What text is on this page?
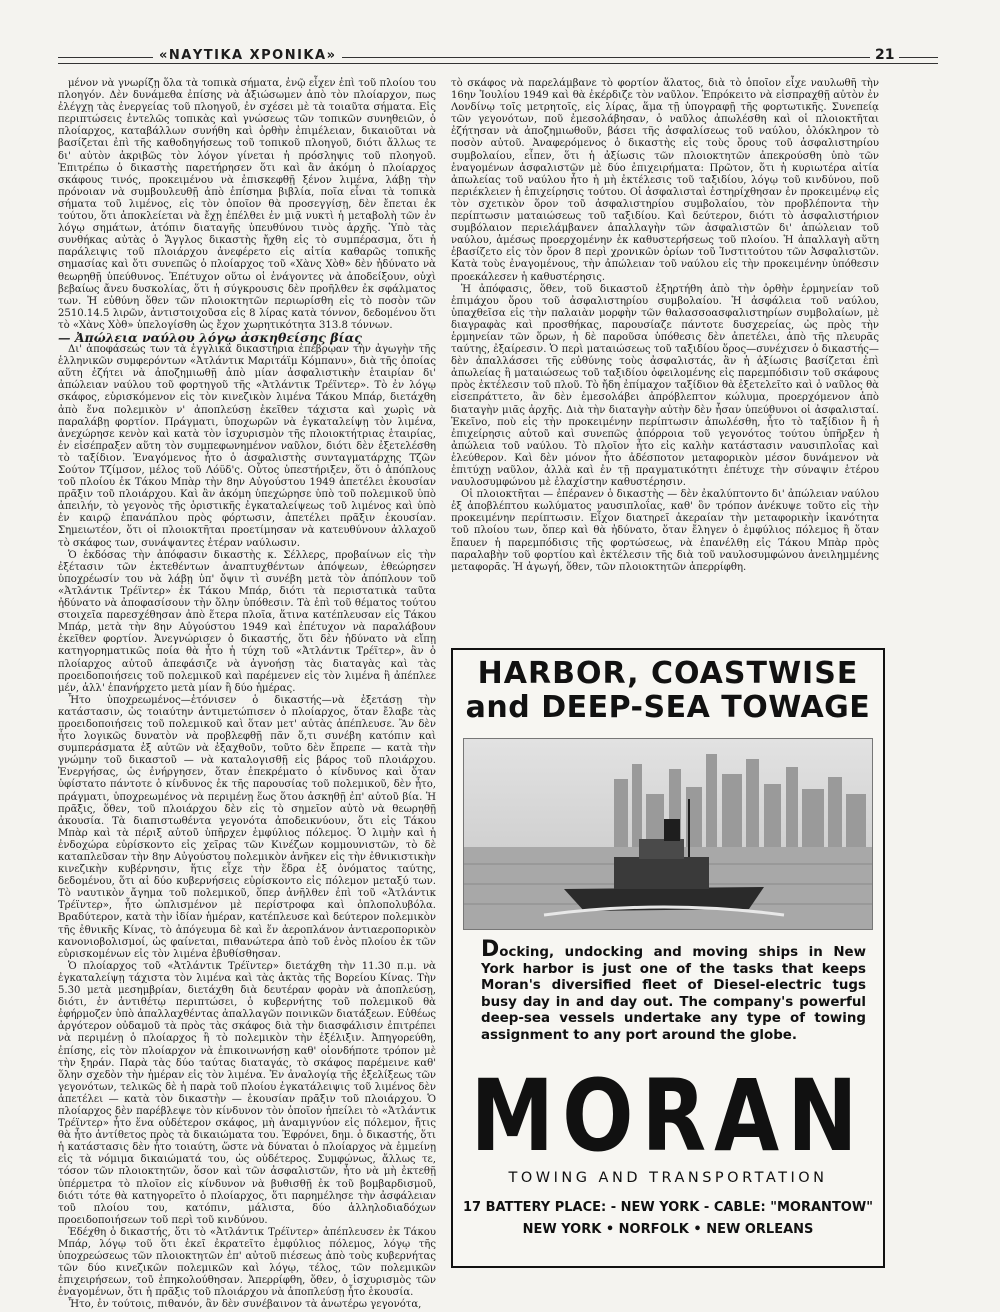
«ΝΑΥΤΙΚΑ ΧΡΟΝΙΚΑ»	21

μένον νὰ γνωρίζῃ ὅλα τὰ τοπικὰ σήματα, ἐνῷ εἶχεν ἐπὶ τοῦ πλοίου του πλοηγόν. Δὲν δυνάμεθα ἐπίσης νὰ ἀξιώσωμεν ἀπὸ τὸν πλοίαρχον, πως ἐλέγχῃ τὰς ἐνεργείας τοῦ πλοηγοῦ, ἐν σχέσει μὲ τὰ τοιαῦτα σήματα. Εἰς περιπτώσεις ἐντελῶς τοπικὰς καὶ γνώσεως τῶν τοπικῶν συνηθειῶν, ὁ πλοίαρχος, καταβάλλων συνήθη καὶ ὀρθὴν ἐπιμέλειαν, δικαιοῦται νὰ βασίζεται ἐπὶ τῆς καθοδηγήσεως τοῦ τοπικοῦ πλοηγοῦ, διότι ἄλλως τε δι' αὐτὸν ἀκριβῶς τὸν λόγον γίνεται ἡ πρόσληψις τοῦ πλοηγοῦ. Ἐπιτρέπω ὁ δικαστὴς παρετήρησεν ὅτι καὶ ἂν ἀκόμη ὁ πλοίαρχος σκάφους τινός, προκειμένου νὰ ἐπισκεφθῇ ξένον λιμένα, λάβῃ τὴν πρόνοιαν νὰ συμβουλευθῇ ἀπὸ ἐπίσημα βιβλία, ποῖα εἶναι τὰ τοπικὰ σήματα τοῦ λιμένος, εἰς τὸν ὁποῖον θὰ προσεγγίσῃ, δὲν ἔπεται ἐκ τούτου, ὅτι ἀποκλείεται νὰ ἔχῃ ἐπέλθει ἐν μιᾷ νυκτὶ ἡ μεταβολὴ τῶν ἐν λόγῳ σημάτων, ἀτόπιν διαταγῆς ὑπευθύνου τινὸς ἀρχῆς. Ὑπὸ τὰς συνθήκας αὐτὰς ὁ Ἄγγλος δικαστὴς ἤχθη εἰς τὸ συμπέρασμα, ὅτι ἡ παράλειψις τοῦ πλοιάρχου ἀνεφέρετο εἰς αἰτία καθαρῶς τοπικῆς σημασίας καὶ ὅτι συνεπῶς ὁ πλοίαρχος τοῦ «Χὰνς Χὸθ» δὲν ἠδύνατο νὰ θεωρηθῇ ὑπεύθυνος. Ἐπέτυχον οὕτω οἱ ἐνάγοντες νὰ ἀποδείξουν, οὐχὶ βεβαίως ἄνευ δυσκολίας, ὅτι ἡ σύγκρουσις δὲν προῆλθεν ἐκ σφάλματος των. Ἡ εὐθύνη ὅθεν τῶν πλοιοκτητῶν περιωρίσθη εἰς τὸ ποσὸν τῶν 2510.14.5 λιρῶν, ἀντιστοιχοῦσα εἰς 8 λίρας κατὰ τόννον, δεδομένου ὅτι τὸ «Χὰνς Χὸθ» ὑπελογίσθη ὡς ἔχον χωρητικότητα 313.8 τόννων.

— Ἀπώλεια ναύλου λόγῳ ἀσκηθείσης βίας

Δι' ἀποφάσεώς των τὰ ἐγγλικὰ δικαστήρια ἐπέβρῳαν τὴν ἀγωγὴν τῆς ἑλληνικῶν συμφερόντων «Ἀτλάντικ Μαριτάϊμ Κόμπανυ», διὰ τῆς ὁποίας αὕτη ἐζήτει νὰ ἀποζημιωθῇ ἀπὸ μίαν ἀσφαλιστικὴν ἑταιρίαν δι' ἀπώλειαν ναύλου τοῦ φορτηγοῦ τῆς «Ἀτλάντικ Τρέϊντερ». Τὸ ἐν λόγῳ σκάφος, εὑρισκόμενον εἰς τὸν κινεζικὸν λιμένα Τάκου Μπάρ, διετάχθη ἀπὸ ἕνα πολεμικὸν ν' ἀποπλεύσῃ ἐκεῖθεν τάχιστα καὶ χωρὶς νὰ παραλάβῃ φορτίον. Πράγματι, ὑποχωρῶν νὰ ἐγκαταλείψῃ τὸν λιμένα, ἀνεχώρησε κενὸν καὶ κατὰ τὸν ἰσχυρισμὸν τῆς πλοιοκτήτριας ἑταιρίας, ἐν εἰσέπραξεν αὕτη τὸν συμπεφωνημένον ναῦλον, διότι δὲν ἐξετελέσθη τὸ ταξίδιον. Ἐναγόμενος ἦτο ὁ ἀσφαλιστὴς συνταγματάρχης Τζῶν Σούτον Τζίμσον, μέλος τοῦ Λόϋδ'ς. Οὗτος ὑπεστήριξεν, ὅτι ὁ ἀπόπλους τοῦ πλοίου ἐκ Τάκου Μπὰρ τὴν 8ην Αὐγούστου 1949 ἀπετέλει ἑκουσίαν πρᾶξιν τοῦ πλοιάρχου. Καὶ ἂν ἀκόμη ὑπεχώρησε ὑπὸ τοῦ πολεμικοῦ ὑπὸ ἀπειλήν, τὸ γεγονὸς τῆς ὁριστικῆς ἐγκαταλείψεως τοῦ λιμένος καὶ ὑπὸ ἐν καιρῷ ἐπανάπλου πρὸς φόρτωσιν, ἀπετέλει πρᾶξιν ἑκουσίαν. Σημειωτέον, ὅτι οἱ πλοιοκτῆται προετίμησαν νὰ κατευθύνουν ἀλλαχοῦ τὸ σκάφος των, συνάψαντες ἑτέραν ναύλωσιν.

Ὁ ἐκδόσας τὴν ἀπόφασιν δικαστὴς κ. Σέλλερς, προβαίνων εἰς τὴν ἐξέτασιν τῶν ἐκτεθέντων ἀναπτυχθέντων ἀπόψεων, ἐθεώρησεν ὑποχρέωσίν του νὰ λάβῃ ὑπ' ὄψιν τὶ συνέβη μετὰ τὸν ἀπόπλουν τοῦ «Ἀτλάντικ Τρέϊντερ» ἐκ Τάκου Μπάρ, διότι τὰ περιστατικὰ ταῦτα ἠδύνατο νὰ ἀποφασίσουν τὴν ὅλην ὑπόθεσιν. Τὰ ἐπὶ τοῦ θέματος τούτου στοιχεῖα παρεσχέθησαν ἀπὸ ἕτερα πλοῖα, ἅτινα κατέπλευσαν εἰς Τάκου Μπάρ, μετὰ τὴν 8ην Αὐγούστου 1949 καὶ ἐπέτυχον νὰ παραλάβουν ἐκεῖθεν φορτίον. Ἀνεγνώρισεν ὁ δικαστής, ὅτι δὲν ἠδύνατο νὰ εἴπῃ κατηγορηματικῶς ποία θὰ ἦτο ἡ τύχη τοῦ «Ἀτλάντικ Τρέϊτερ», ἂν ὁ πλοίαρχος αὐτοῦ ἀπεφάσιζε νὰ ἀγνοήσῃ τὰς διαταγὰς καὶ τὰς προειδοποιήσεις τοῦ πολεμικοῦ καὶ παρέμενεν εἰς τὸν λιμένα ἢ ἀπέπλεε μέν, ἀλλ' ἐπανήρχετο μετὰ μίαν ἢ δύο ἡμέρας.

Ἦτο ὑποχρεωμένος—ἐτόνισεν ὁ δικαστής—νὰ ἐξετάσῃ τὴν κατάστασιν, ὡς τοιαύτην ἀντιμετώπισεν ὁ πλοίαρχος, ὅταν ἔλαβε τὰς προειδοποιήσεις τοῦ πολεμικοῦ καὶ ὅταν μετ' αὐτὰς ἀπέπλευσε. Ἂν δὲν ἦτο λογικῶς δυνατὸν νὰ προβλεφθῇ πᾶν ὅ,τι συνέβη κατόπιν καὶ συμπεράσματα ἐξ αὐτῶν νὰ ἐξαχθοῦν, τοῦτο δὲν ἔπρεπε — κατὰ τὴν γνώμην τοῦ δικαστοῦ — νὰ καταλογισθῇ εἰς βάρος τοῦ πλοιάρχου. Ἐνεργήσας, ὡς ἐνήργησεν, ὅταν ἐπεκρέματο ὁ κίνδυνος καὶ ὅταν ὑφίστατο πάντοτε ὁ κίνδυνος ἐκ τῆς παρουσίας τοῦ πολεμικοῦ, δὲν ἦτο, πράγματι, ὑποχρεωμένος νὰ περιμένῃ ἕως ὅτου ἀσκηθῇ ἐπ' αὐτοῦ βία. Ἡ πρᾶξις, ὅθεν, τοῦ πλοιάρχου δὲν εἰς τὸ σημεῖον αὐτὸ νὰ θεωρηθῇ ἀκουσία. Τὰ διαπιστωθέντα γεγονότα ἀποδεικνύουν, ὅτι εἰς Τάκου Μπὰρ καὶ τὰ πέριξ αὐτοῦ ὑπῆρχεν ἐμφύλιος πόλεμος. Ὁ λιμὴν καὶ ἡ ἐνδοχώρα εὑρίσκοντο εἰς χεῖρας τῶν Κινέζων κομμουνιστῶν, τὸ δὲ καταπλεῦσαν τὴν 8ην Αὐγούστου πολεμικὸν ἀνῆκεν εἰς τὴν ἐθνικιστικὴν κινεζικὴν κυβέρνησιν, ἥτις εἶχε τὴν ἕδρα ἐξ ὀνόματος ταύτης, δεδομένου, ὅτι αἱ δύο κυβερνήσεις εὑρίσκοντο εἰς πόλεμον μεταξύ των. Τὸ ναυτικὸν ἄγημα τοῦ πολεμικοῦ, ὅπερ ἀνῆλθεν ἐπὶ τοῦ «Ἀτλάντικ Τρέϊντερ», ἦτο ὡπλισμένον μὲ περίστροφα καὶ ὁπλοπολυβόλα. Βραδύτερον, κατὰ τὴν ἰδίαν ἡμέραν, κατέπλευσε καὶ δεύτερον πολεμικὸν τῆς ἐθνικῆς Κίνας, τὸ ἀπόγευμα δὲ καὶ ἕν ἀεροπλάνον ἀντιαεροπορικὸν κανονιοβολισμοί, ὡς φαίνεται, πιθανώτερα ἀπὸ τοῦ ἑνὸς πλοίου ἐκ τῶν εὑρισκομένων εἰς τὸν λιμένα ἐβυθίσθησαν.

Ὁ πλοίαρχος τοῦ «Ἀτλάντικ Τρέϊντερ» διετάχθη τὴν 11.30 π.μ. νὰ ἐγκαταλείψῃ τάχιστα τὸν λιμένα καὶ τὰς ἀκτὰς τῆς Βορείου Κίνας. Τὴν 5.30 μετὰ μεσημβρίαν, διετάχθη διὰ δευτέραν φορὰν νὰ ἀποπλεύσῃ, διότι, ἐν ἀντιθέτῳ περιπτώσει, ὁ κυβερνήτης τοῦ πολεμικοῦ θὰ ἐφήρμοζεν ὑπὸ ἀπαλλαχθέντας ἀπαλλαγῶν ποινικῶν διατάξεων. Εὐθέως ἀργότερον οὐδαμοῦ τὰ πρὸς τὰς σκάφος διὰ τὴν διασφάλισιν ἐπιτρέπει νὰ περιμένῃ ὁ πλοίαρχος ἢ τὸ πολεμικὸν τὴν ἐξέλιξιν. Ἀπηγορεύθη, ἐπίσης, εἰς τὸν πλοίαρχον νὰ ἐπικοινωνήσῃ καθ' οἱονδήποτε τρόπον μὲ τὴν ξηράν. Παρὰ τὰς δύο ταύτας διαταγάς, τὸ σκάφος παρέμεινε καθ' ὅλην σχεδὸν τὴν ἡμέραν εἰς τὸν λιμένα. Ἐν ἀναλογίᾳ τῆς ἐξελίξεως τῶν γεγονότων, τελικῶς δὲ ἡ παρὰ τοῦ πλοίου ἐγκατάλειψις τοῦ λιμένος δὲν ἀπετέλει — κατὰ τὸν δικαστὴν — ἑκουσίαν πρᾶξιν τοῦ πλοιάρχου. Ὁ πλοίαρχος δὲν παρέβλεψε τὸν κίνδυνον τὸν ὁποῖον ἠπείλει τὸ «Ἀτλάντικ Τρέϊντερ» ἦτο ἕνα οὐδέτερον σκάφος, μὴ ἀναμιγνύον εἰς πόλεμον, ἤτις θὰ ἦτο ἀντίθετος πρὸς τὰ δικαιώματα του. Ἐφρόνει, δημ. ὁ δικαστής, ὅτι ἡ κατάστασις δὲν ἦτο τοιαύτη, ὥστε νὰ δύναται ὁ πλοίαρχος νὰ ἐμμείνῃ εἰς τὰ νόμιμα δικαιώματά του, ὡς οὐδέτερος. Συμφώνως, ἄλλως τε, τόσον τῶν πλοιοκτητῶν, ὅσον καὶ τῶν ἀσφαλιστῶν, ἦτο νὰ μὴ ἐκτεθῇ ὑπέρμετρα τὸ πλοῖον εἰς κίνδυνον νὰ βυθισθῇ ἐκ τοῦ βομβαρδισμοῦ, διότι τότε θὰ κατηγορεῖτο ὁ πλοίαρχος, ὅτι παρημέλησε τὴν ἀσφάλειαν τοῦ πλοίου του, κατόπιν, μάλιστα, δύο ἀλληλοδιαδόχων προειδοποιήσεων τοῦ περὶ τοῦ κινδύνου.

Ἐδέχθη ὁ δικαστής, ὅτι τὸ «Ἀτλάντικ Τρέϊντερ» ἀπέπλευσεν ἐκ Τάκου Μπάρ, λόγῳ τοῦ ὅτι ἐκεῖ ἐκρατεῖτο ἐμφύλιος πόλεμος, λόγῳ τῆς ὑποχρεώσεως τῶν πλοιοκτητῶν ἐπ' αὐτοῦ πιέσεως ἀπὸ τοὺς κυβερνήτας τῶν δύο κινεζικῶν πολεμικῶν καὶ λόγῳ, τέλος, τῶν πολεμικῶν ἐπιχειρήσεων, τοῦ ἐπηκολούθησαν. Ἀπερρίφθη, ὅθεν, ὁ ἰσχυρισμὸς τῶν ἐναγομένων, ὅτι ἡ πρᾶξις τοῦ πλοιάρχου νὰ ἀποπλεύσῃ ἦτο ἑκουσία.

Ἦτο, ἐν τούτοις, πιθανόν, ἂν δὲν συνέβαινον τὰ ἀνωτέρω γεγονότα,

τὸ σκάφος νὰ παρελάμβανε τὸ φορτίον ἅλατος, διὰ τὸ ὁποῖον εἶχε ναυλωθῆ τὴν 16ην Ἰουλίου 1949 καὶ θὰ ἐκέρδιζε τὸν ναῦλον. Ἐπρόκειτο νὰ εἰσπραχθῇ αὐτὸν ἐν Λονδίνῳ τοῖς μετρητοῖς, εἰς λίρας, ἅμα τῇ ὑπογραφῇ τῆς φορτωτικῆς. Συνεπείᾳ τῶν γεγονότων, ποῦ ἐμεσολάβησαν, ὁ ναῦλος ἀπωλέσθη καὶ οἱ πλοιοκτῆται ἐζήτησαν νὰ ἀποζημιωθοῦν, βάσει τῆς ἀσφαλίσεως τοῦ ναύλου, ὁλόκληρον τὸ ποσὸν αὐτοῦ. Ἀναφερόμενος ὁ δικαστὴς εἰς τοὺς ὅρους τοῦ ἀσφαλιστηρίου συμβολαίου, εἶπεν, ὅτι ἡ ἀξίωσις τῶν πλοιοκτητῶν ἀπεκρούσθη ὑπὸ τῶν ἐναγομένων ἀσφαλιστῶν μὲ δύο ἐπιχειρήματα: Πρῶτον, ὅτι ἡ κυριωτέρα αἰτία ἀπωλείας τοῦ ναύλου ἦτο ἡ μὴ ἐκτέλεσις τοῦ ταξιδίου, λόγῳ τοῦ κινδύνου, ποῦ περιέκλειεν ἡ ἐπιχείρησις τούτου. Οἱ ἀσφαλισταὶ ἐστηρίχθησαν ἐν προκειμένῳ εἰς τὸν σχετικὸν ὅρον τοῦ ἀσφαλιστηρίου συμβολαίου, τὸν προβλέποντα τὴν περίπτωσιν ματαιώσεως τοῦ ταξιδίου. Καὶ δεύτερον, διότι τὸ ἀσφαλιστήριον συμβόλαιον περιελάμβανεν ἀπαλλαγὴν τῶν ἀσφαλιστῶν δι' ἀπώλειαν τοῦ ναύλου, ἀμέσως προερχομένην ἐκ καθυστερήσεως τοῦ πλοίου. Ἡ ἀπαλλαγὴ αὕτη ἐβασίζετο εἰς τὸν ὅρον 8 περὶ χρονικῶν ὁρίων τοῦ Ἰνστιτούτου τῶν Ἀσφαλιστῶν. Κατὰ τοὺς ἐναγομένους, τὴν ἀπώλειαν τοῦ ναύλου εἰς τὴν προκειμένην ὑπόθεσιν προεκάλεσεν ἡ καθυστέρησις.

Ἡ ἀπόφασις, ὅθεν, τοῦ δικαστοῦ ἐξηρτήθη ἀπὸ τὴν ὀρθὴν ἑρμηνείαν τοῦ ἐπιμάχου ὅρου τοῦ ἀσφαλιστηρίου συμβολαίου. Ἡ ἀσφάλεια τοῦ ναύλου, ὑπαχθεῖσα εἰς τὴν παλαιὰν μορφὴν τῶν θαλασσοασφαλιστηρίων συμβολαίων, μὲ διαγραφὰς καὶ προσθήκας, παρουσίαζε πάντοτε δυσχερείας, ὡς πρὸς τὴν ἑρμηνείαν τῶν ὅρων, ἡ δὲ παροῦσα ὑπόθεσις δὲν ἀπετέλει, ἀπὸ τῆς πλευρᾶς ταύτης, ἐξαίρεσιν. Ὁ περὶ ματαιώσεως τοῦ ταξιδίου ὅρος—συνέχισεν ὁ δικαστής—δὲν ἀπαλλάσσει τῆς εὐθύνης τοὺς ἀσφαλιστάς, ἂν ἡ ἀξίωσις βασίζεται ἐπὶ ἀπωλείας ἢ ματαιώσεως τοῦ ταξιδίου ὀφειλομένης εἰς παρεμπόδισιν τοῦ σκάφους πρὸς ἐκτέλεσιν τοῦ πλοῦ. Τὸ ἤδη ἐπίμαχον ταξίδιον θὰ ἐξετελεῖτο καὶ ὁ ναῦλος θὰ εἰσεπράττετο, ἂν δὲν ἐμεσολάβει ἀπρόβλεπτον κώλυμα, προερχόμενον ἀπὸ διαταγὴν μιᾶς ἀρχῆς. Διὰ τὴν διαταγὴν αὐτὴν δὲν ἦσαν ὑπεύθυνοι οἱ ἀσφαλισταί. Ἐκεῖνο, ποὺ εἰς τὴν προκειμένην περίπτωσιν ἀπωλέσθη, ἦτο τὸ ταξίδιον ἢ ἡ ἐπιχείρησις αὐτοῦ καὶ συνεπῶς ἀπόρροια τοῦ γεγονότος τούτου ὑπῆρξεν ἡ ἀπώλεια τοῦ ναύλου. Τὸ πλοῖον ἦτο εἰς καλὴν κατάστασιν ναυσιπλοΐας καὶ ἐλεύθερον. Καὶ δὲν μόνον ἦτο ἀδέσποτον μεταφορικὸν μέσον δυνάμενον νὰ ἐπιτύχῃ ναῦλον, ἀλλὰ καὶ ἐν τῇ πραγματικότητι ἐπέτυχε τὴν σύναψιν ἑτέρου ναυλοσυμφώνου μὲ ἐλαχίστην καθυστέρησιν.

Οἱ πλοιοκτῆται — ἐπέρανεν ὁ δικαστὴς — δὲν ἐκαλύπτοντο δι' ἀπώλειαν ναύλου ἐξ ἀποβλέπτου κωλύματος ναυσιπλοΐας, καθ' ὃν τρόπον ἀνέκυψε τοῦτο εἰς τὴν προκειμένην περίπτωσιν. Εἶχον διατηρεῖ ἀκεραίαν τὴν μεταφορικὴν ἱκανότητα τοῦ πλοίου των, ὅπερ καὶ θὰ ἠδύνατο, ὅταν ἔληγεν ὁ ἐμφύλιος πόλεμος ἢ ὅταν ἔπαυεν ἡ παρεμπόδισις τῆς φορτώσεως, νὰ ἐπανέλθῃ εἰς Τάκου Μπὰρ πρὸς παραλαβὴν τοῦ φορτίου καὶ ἐκτέλεσιν τῆς διὰ τοῦ ναυλοσυμφώνου ἀνειλημμένης μεταφορᾶς. Ἡ ἀγωγή, ὅθεν, τῶν πλοιοκτητῶν ἀπερρίφθη.

HARBOR, COASTWISE
and DEEP-SEA TOWAGE
Docking, undocking and moving ships in New York harbor is just one of the tasks that keeps Moran's diversified fleet of Diesel-electric tugs busy day in and day out. The company's powerful deep-sea vessels undertake any type of towing assignment to any port around the globe.
MORAN
TOWING AND TRANSPORTATION
17 BATTERY PLACE: - NEW YORK - CABLE: "MORANTOW"
NEW YORK • NORFOLK • NEW ORLEANS
